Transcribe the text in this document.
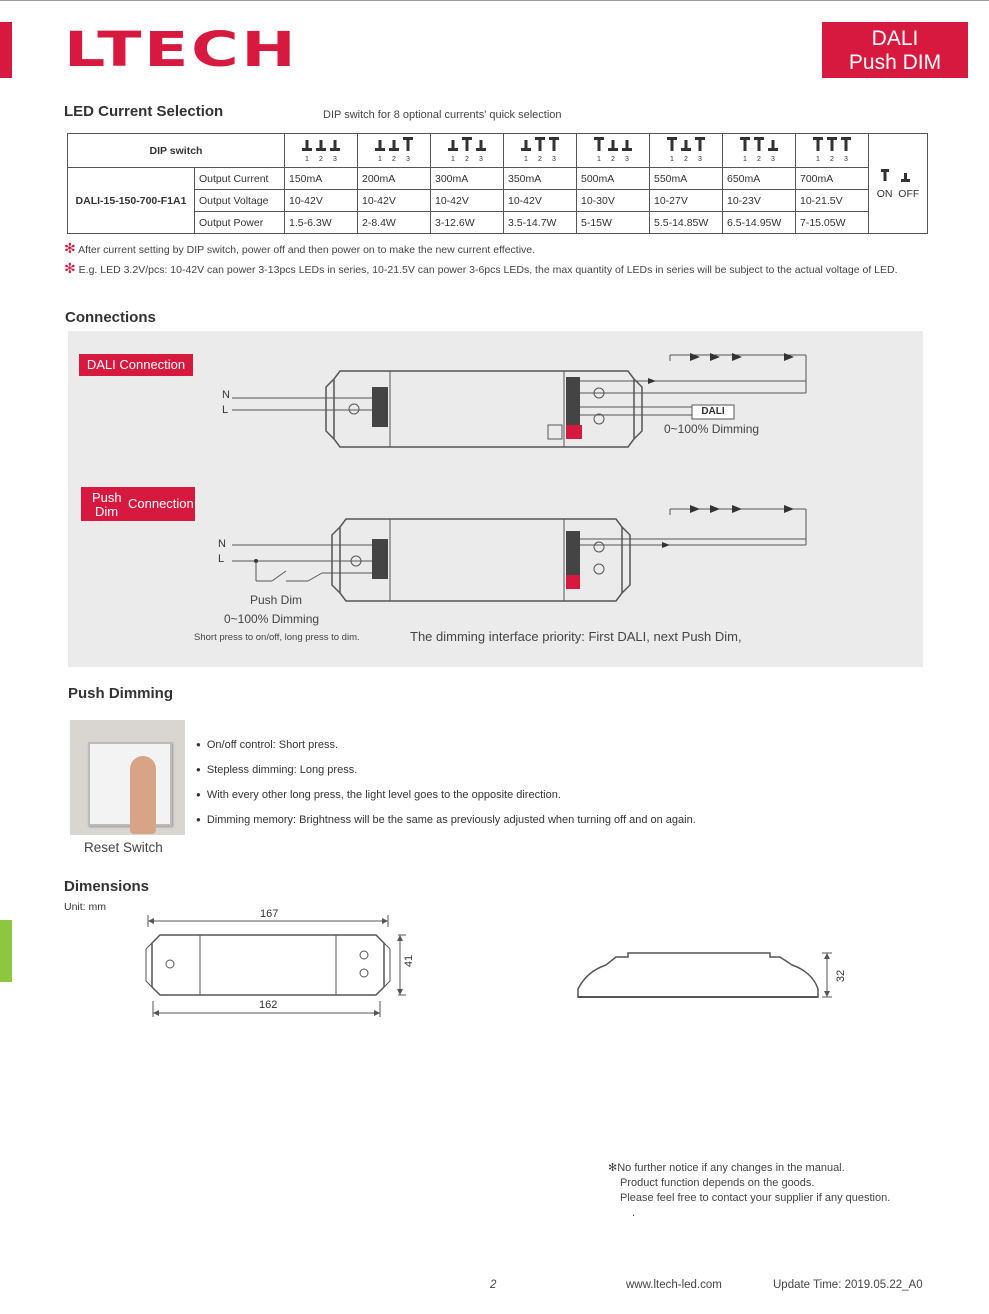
LTECH	DALI
Push DIM
LED Current Selection	DIP switch for 8 optional currents' quick selection
DIP switch		1 2 3	1 2 3	1 2 3	1 2 3	1 2 3	1 2 3	1 2 3	1 2 3	ON OFF
DALI-15-150-700-F1A1	Output Current	150mA	200mA	300mA	350mA	500mA	550mA	650mA	700mA	
	Output Voltage	10-42V	10-42V	10-42V	10-42V	10-30V	10-27V	10-23V	10-21.5V	
	Output Power	1.5-6.3W	2-8.4W	3-12.6W	3.5-14.7W	5-15W	5.5-14.85W	6.5-14.95W	7-15.05W	
✻ After current setting by DIP switch, power off and then power on to make the new current effective.
✻ E.g. LED 3.2V/pcs: 10-42V can power 3-13pcs LEDs in series, 10-21.5V can power 3-6pcs LEDs, the max quantity of LEDs in series will be subject to the actual voltage of LED.
Connections
DALI Connection
Push
Dim
Connection
N
L	DALI
0~100% Dimming
N
L
Push Dim
0~100% Dimming
Short press to on/off, long press to dim.	The dimming interface priority: First DALI, next Push Dim,
Push Dimming
● On/off control: Short press.
● Stepless dimming: Long press.
● With every other long press, the light level goes to the opposite direction.
● Dimming memory: Brightness will be the same as previously adjusted when turning off and on again.
Reset Switch
Dimensions
Unit: mm
167
162
41
32
✻No further notice if any changes in the manual.
Product function depends on the goods.
Please feel free to contact your supplier if any question.
.
2	www.ltech-led.com	Update Time: 2019.05.22_A0
